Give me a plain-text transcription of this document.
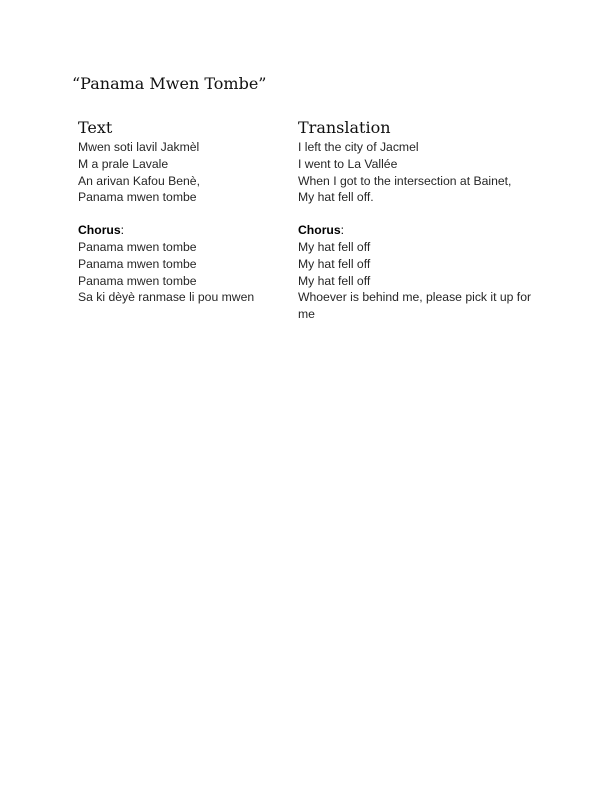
“Panama Mwen Tombe”
Text

Mwen soti lavil Jakmèl

M a prale Lavale

An arivan Kafou Benè,

Panama mwen tombe

Chorus:

Panama mwen tombe

Panama mwen tombe

Panama mwen tombe

Sa ki dèyè ranmase li pou mwen

Translation

I left the city of Jacmel

I went to La Vallée

When I got to the intersection at Bainet,

My hat fell off.

Chorus:

My hat fell off

My hat fell off

My hat fell off

Whoever is behind me, please pick it up for me
